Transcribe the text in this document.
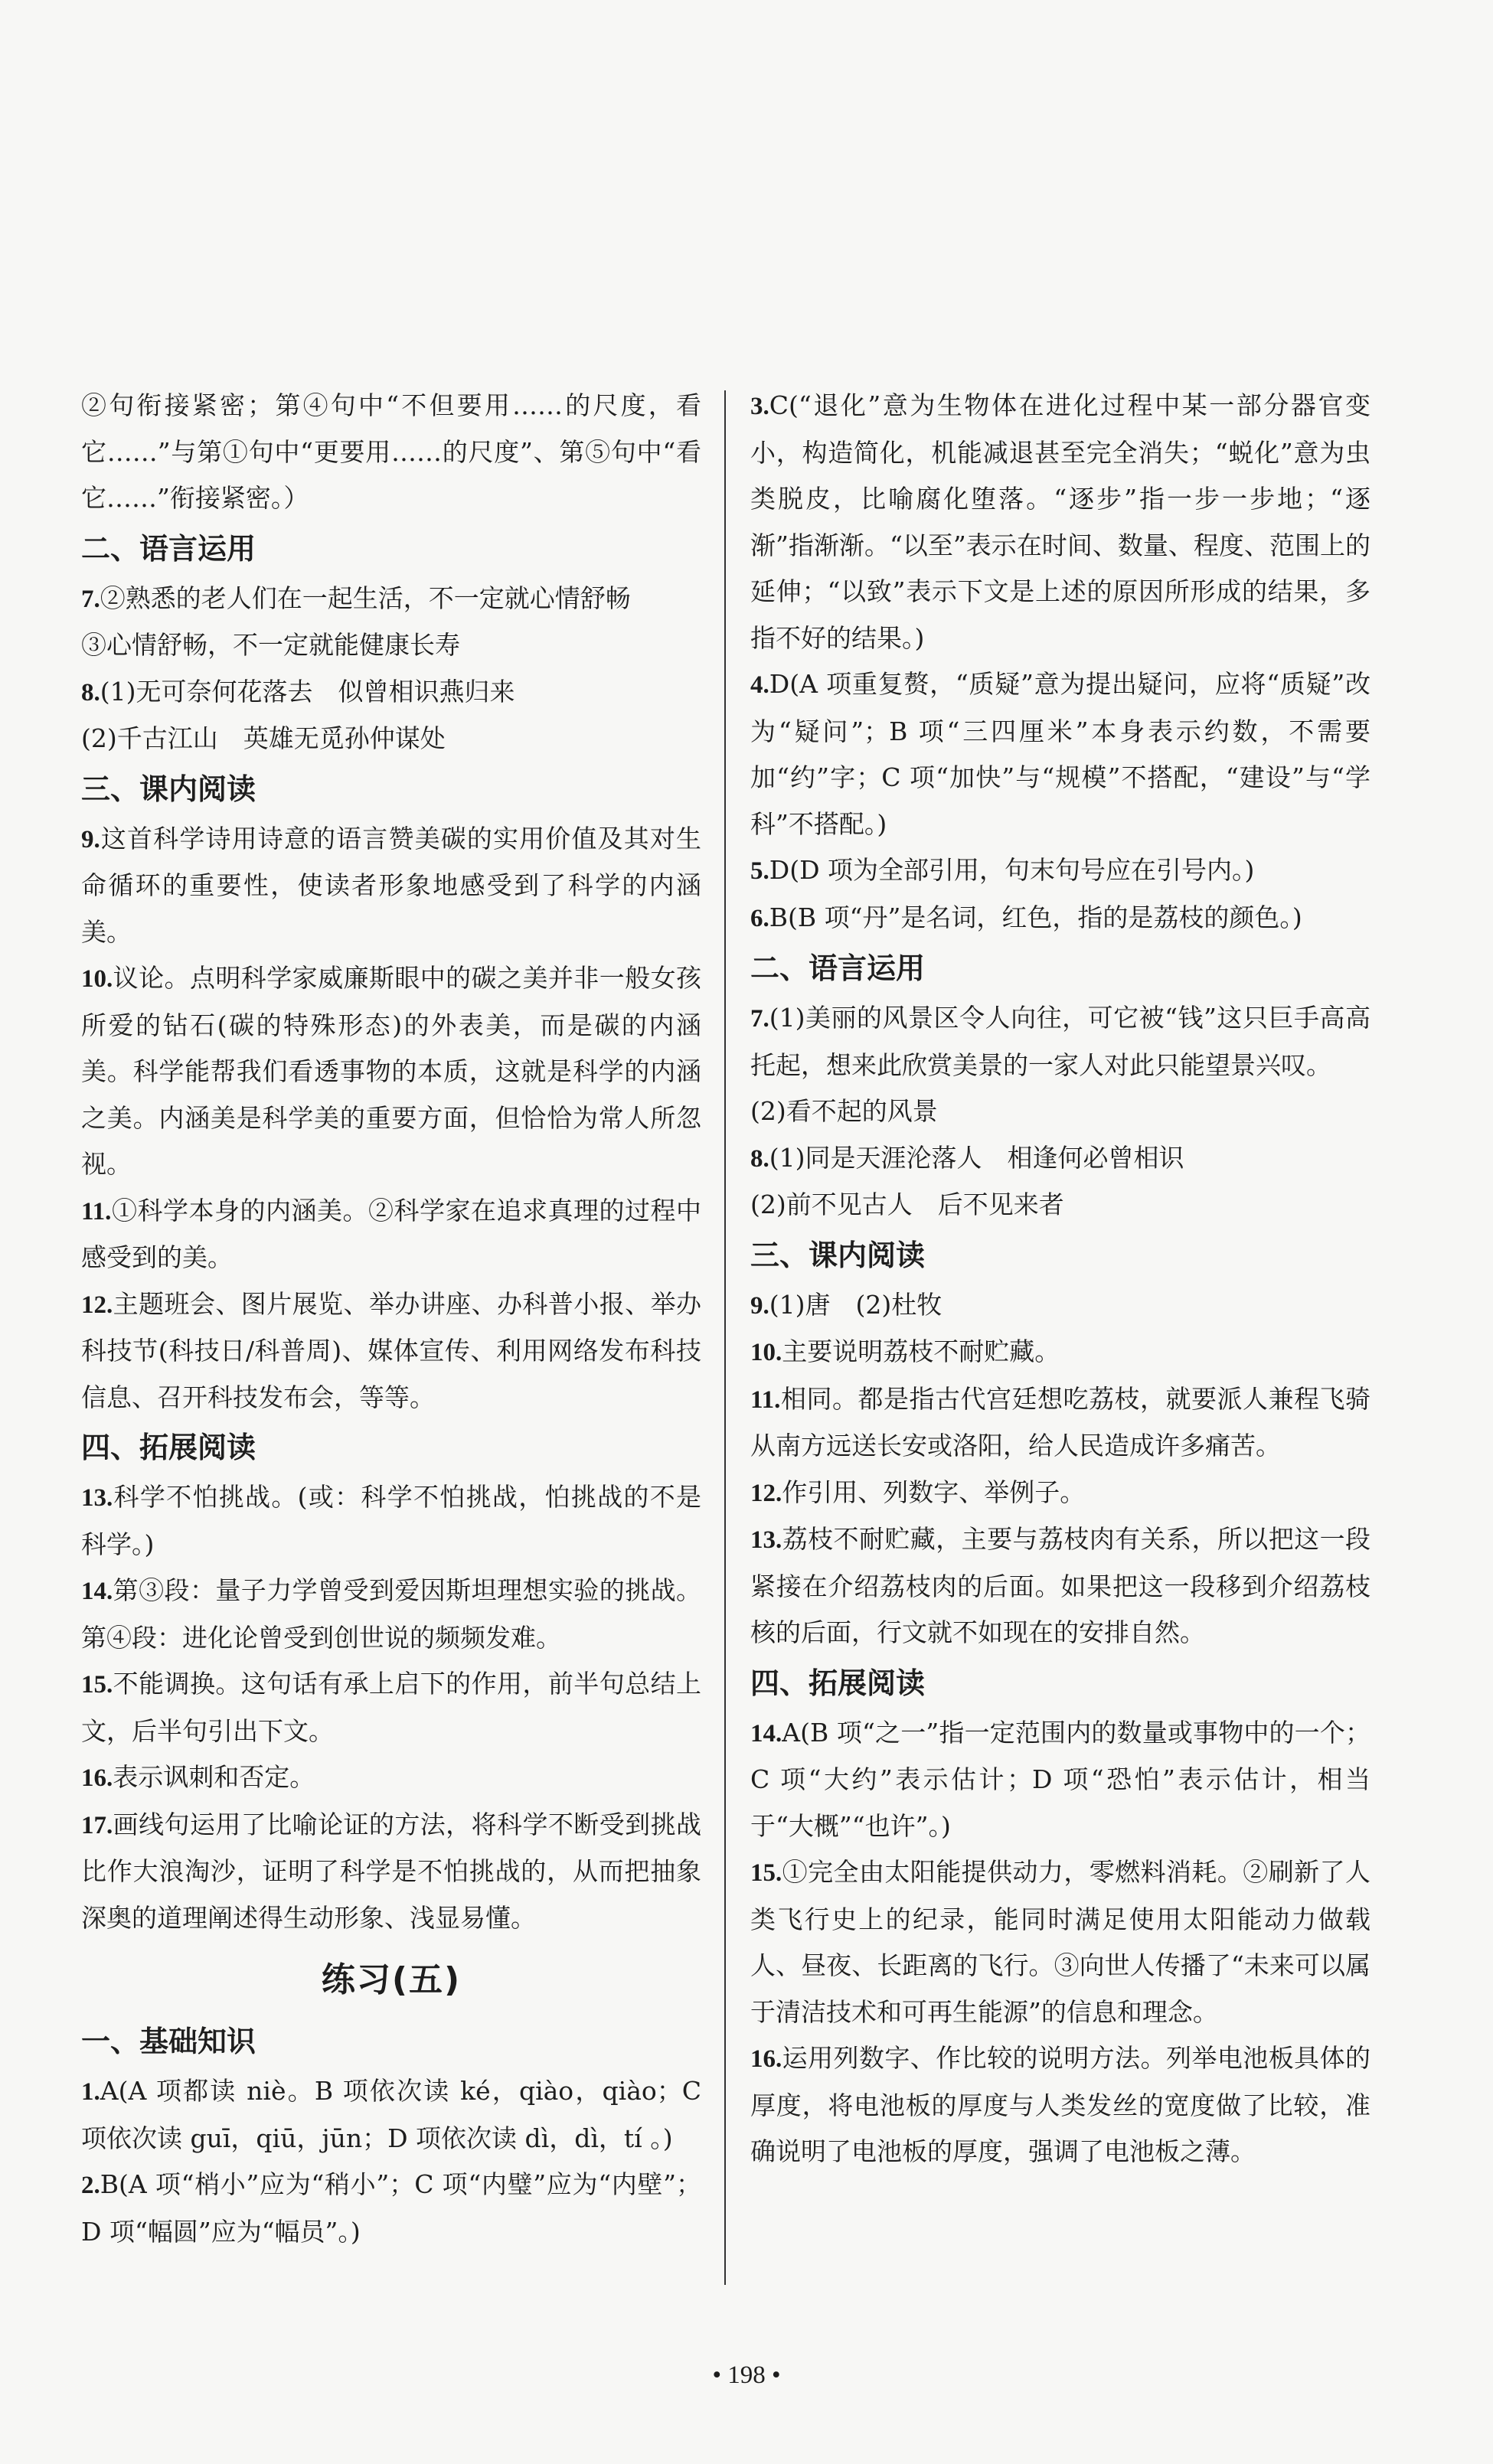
②句衔接紧密；第④句中“不但要用……的尺度，看它……”与第①句中“更要用……的尺度”、第⑤句中“看它……”衔接紧密。）

二、语言运用

7.②熟悉的老人们在一起生活，不一定就心情舒畅

③心情舒畅，不一定就能健康长寿

8.(1)无可奈何花落去　似曾相识燕归来

(2)千古江山　英雄无觅孙仲谋处

三、课内阅读

9.这首科学诗用诗意的语言赞美碳的实用价值及其对生命循环的重要性，使读者形象地感受到了科学的内涵美。

10.议论。点明科学家威廉斯眼中的碳之美并非一般女孩所爱的钻石(碳的特殊形态)的外表美，而是碳的内涵美。科学能帮我们看透事物的本质，这就是科学的内涵之美。内涵美是科学美的重要方面，但恰恰为常人所忽视。

11.①科学本身的内涵美。②科学家在追求真理的过程中感受到的美。

12.主题班会、图片展览、举办讲座、办科普小报、举办科技节(科技日/科普周)、媒体宣传、利用网络发布科技信息、召开科技发布会，等等。

四、拓展阅读

13.科学不怕挑战。(或：科学不怕挑战，怕挑战的不是科学。)

14.第③段：量子力学曾受到爱因斯坦理想实验的挑战。第④段：进化论曾受到创世说的频频发难。

15.不能调换。这句话有承上启下的作用，前半句总结上文，后半句引出下文。

16.表示讽刺和否定。

17.画线句运用了比喻论证的方法，将科学不断受到挑战比作大浪淘沙，证明了科学是不怕挑战的，从而把抽象深奥的道理阐述得生动形象、浅显易懂。

练习(五)
一、基础知识

1.A(A 项都读 niè。B 项依次读 ké，qiào，qiào；C 项依次读 guī，qiū，jūn；D 项依次读 dì，dì，tí 。)

2.B(A 项“梢小”应为“稍小”；C 项“内璧”应为“内壁”；D 项“幅圆”应为“幅员”。)

3.C(“退化”意为生物体在进化过程中某一部分器官变小，构造简化，机能减退甚至完全消失；“蜕化”意为虫类脱皮，比喻腐化堕落。“逐步”指一步一步地；“逐渐”指渐渐。“以至”表示在时间、数量、程度、范围上的延伸；“以致”表示下文是上述的原因所形成的结果，多指不好的结果。)

4.D(A 项重复赘，“质疑”意为提出疑问，应将“质疑”改为“疑问”；B 项“三四厘米”本身表示约数，不需要加“约”字；C 项“加快”与“规模”不搭配，“建设”与“学科”不搭配。)

5.D(D 项为全部引用，句末句号应在引号内。)

6.B(B 项“丹”是名词，红色，指的是荔枝的颜色。)

二、语言运用

7.(1)美丽的风景区令人向往，可它被“钱”这只巨手高高托起，想来此欣赏美景的一家人对此只能望景兴叹。

(2)看不起的风景

8.(1)同是天涯沦落人　相逢何必曾相识

(2)前不见古人　后不见来者

三、课内阅读

9.(1)唐　(2)杜牧

10.主要说明荔枝不耐贮藏。

11.相同。都是指古代宫廷想吃荔枝，就要派人兼程飞骑从南方远送长安或洛阳，给人民造成许多痛苦。

12.作引用、列数字、举例子。

13.荔枝不耐贮藏，主要与荔枝肉有关系，所以把这一段紧接在介绍荔枝肉的后面。如果把这一段移到介绍荔枝核的后面，行文就不如现在的安排自然。

四、拓展阅读

14.A(B 项“之一”指一定范围内的数量或事物中的一个；C 项“大约”表示估计；D 项“恐怕”表示估计，相当于“大概”“也许”。)

15.①完全由太阳能提供动力，零燃料消耗。②刷新了人类飞行史上的纪录，能同时满足使用太阳能动力做载人、昼夜、长距离的飞行。③向世人传播了“未来可以属于清洁技术和可再生能源”的信息和理念。

16.运用列数字、作比较的说明方法。列举电池板具体的厚度，将电池板的厚度与人类发丝的宽度做了比较，准确说明了电池板的厚度，强调了电池板之薄。

• 198 •
